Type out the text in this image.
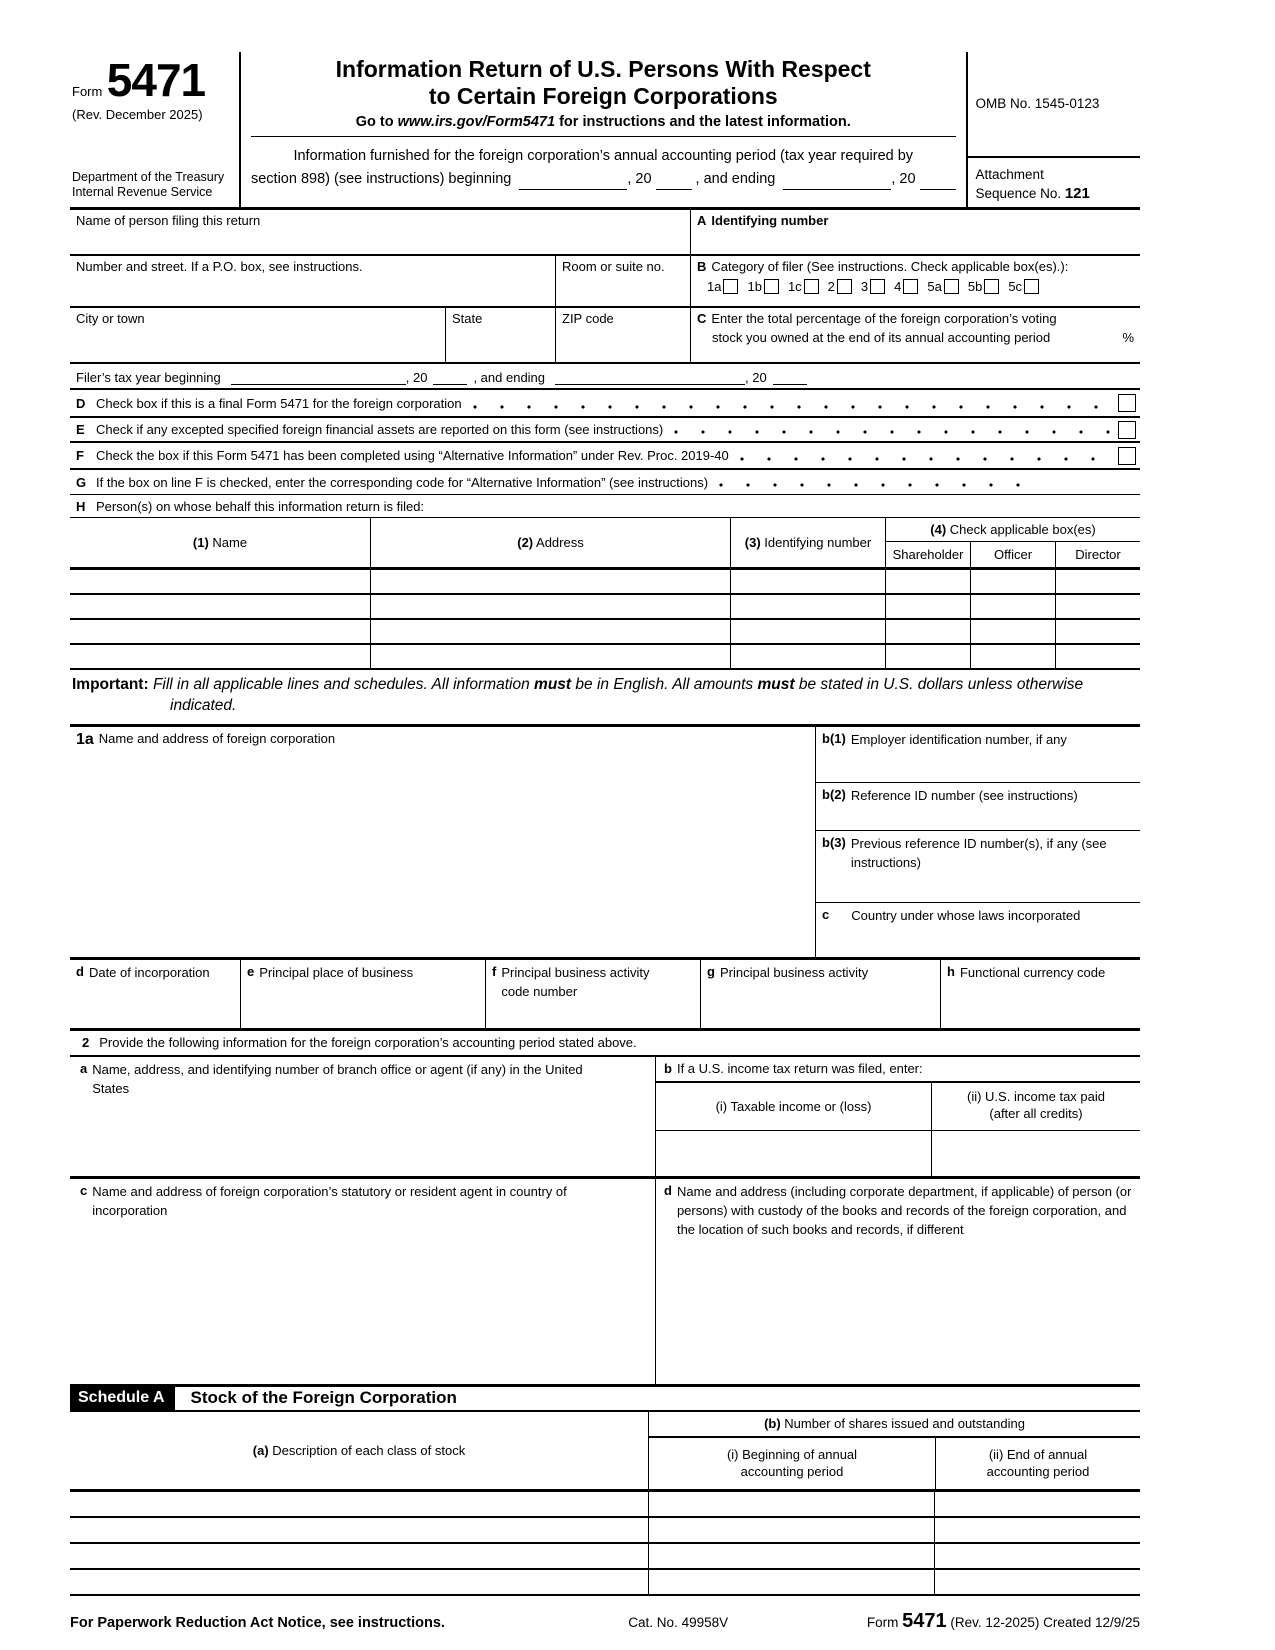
Form 5471
(Rev. December 2025)
Department of the Treasury
Internal Revenue Service
Information Return of U.S. Persons With Respect
to Certain Foreign Corporations
Go to www.irs.gov/Form5471 for instructions and the latest information.
Information furnished for the foreign corporation’s annual accounting period (tax year required by
section 898) (see instructions) beginning	, 20	, and ending	, 20
OMB No. 1545-0123
Attachment
Sequence No. 121
Name of person filing this return	A Identifying number
Number and street. If a P.O. box, see instructions.	Room or suite no.	B Category of filer (See instructions. Check applicable box(es).):
1a 1b 1c 2 3 4 5a 5b 5c
City or town	State	ZIP code	C Enter the total percentage of the foreign corporation’s voting
stock you owned at the end of its annual accounting period	%
Filer’s tax year beginning	, 20	, and ending	, 20
D Check box if this is a final Form 5471 for the foreign corporation
E Check if any excepted specified foreign financial assets are reported on this form (see instructions)
F Check the box if this Form 5471 has been completed using “Alternative Information” under Rev. Proc. 2019-40
G If the box on line F is checked, enter the corresponding code for “Alternative Information” (see instructions)
H Person(s) on whose behalf this information return is filed:
(1) Name	(2) Address	(3) Identifying number
(4) Check applicable box(es)
Shareholder	Officer	Director
Important: Fill in all applicable lines and schedules. All information must be in English. All amounts must be stated in U.S. dollars unless otherwise indicated.
1a Name and address of foreign corporation	b(1) Employer identification number, if any
b(2) Reference ID number (see instructions)
b(3) Previous reference ID number(s), if any (see instructions)
c Country under whose laws incorporated
d Date of incorporation	e Principal place of business	f Principal business activity code number
g Principal business activity	h Functional currency code
2 Provide the following information for the foreign corporation’s accounting period stated above.
a Name, address, and identifying number of branch office or agent (if any) in the United States
b If a U.S. income tax return was filed, enter:
(i) Taxable income or (loss)
(ii) U.S. income tax paid
(after all credits)
c Name and address of foreign corporation’s statutory or resident agent in country of incorporation
d Name and address (including corporate department, if applicable) of person (or persons) with custody of the books and records of the foreign corporation, and the location of such books and records, if different
Schedule A	Stock of the Foreign Corporation
(a) Description of each class of stock
(b) Number of shares issued and outstanding
(i) Beginning of annual
accounting period
(ii) End of annual
accounting period
For Paperwork Reduction Act Notice, see instructions.	Cat. No. 49958V	Form 5471 (Rev. 12-2025) Created 12/9/25
